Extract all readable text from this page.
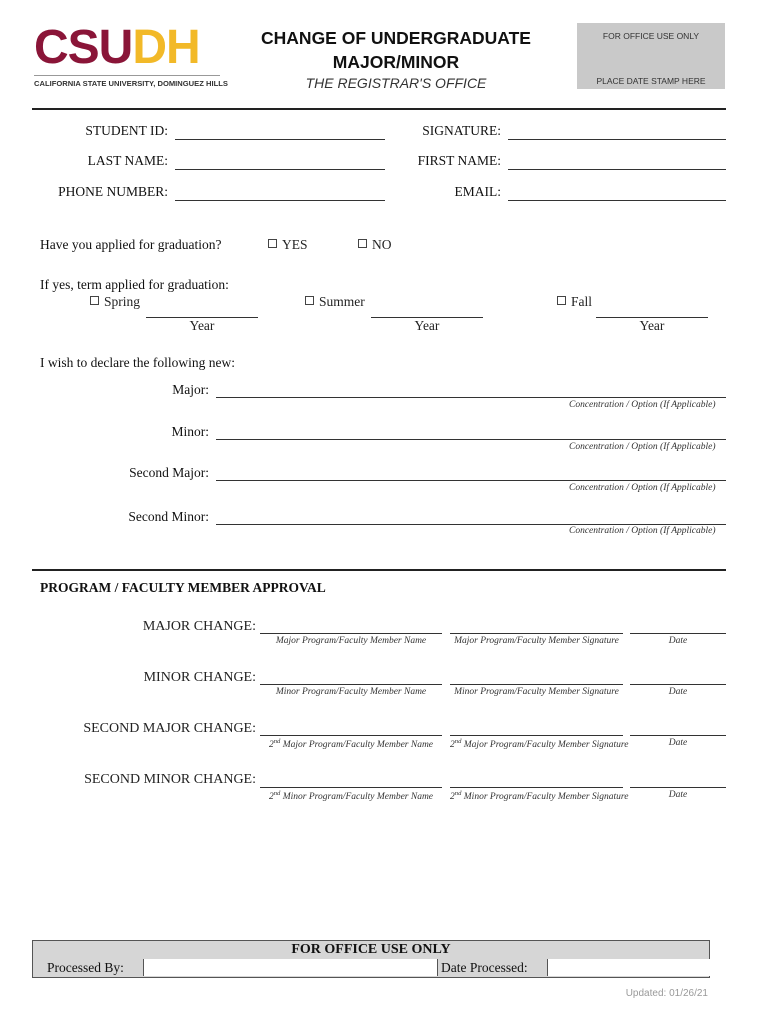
CSUDH
CALIFORNIA STATE UNIVERSITY, DOMINGUEZ HILLS
CHANGE OF UNDERGRADUATE
MAJOR/MINOR
THE REGISTRAR'S OFFICE
FOR OFFICE USE ONLY
PLACE DATE STAMP HERE
STUDENT ID:	SIGNATURE:
LAST NAME:	FIRST NAME:
PHONE NUMBER:	EMAIL:
Have you applied for graduation?	YES	NO
If yes, term applied for graduation:
Spring	Summer	Fall
Year	Year	Year
I wish to declare the following new:
Major:
Concentration / Option (If Applicable)
Minor:
Concentration / Option (If Applicable)
Second Major:
Concentration / Option (If Applicable)
Second Minor:
Concentration / Option (If Applicable)
PROGRAM / FACULTY MEMBER APPROVAL
MAJOR CHANGE:
Major Program/Faculty Member Name	Major Program/Faculty Member Signature	Date
MINOR CHANGE:
Minor Program/Faculty Member Name	Minor Program/Faculty Member Signature	Date
SECOND MAJOR CHANGE:
2nd Major Program/Faculty Member Name	2nd Major Program/Faculty Member Signature	Date
SECOND MINOR CHANGE:
2nd Minor Program/Faculty Member Name	2nd Minor Program/Faculty Member Signature	Date
FOR OFFICE USE ONLY
Processed By:	Date Processed:
Updated: 01/26/21
